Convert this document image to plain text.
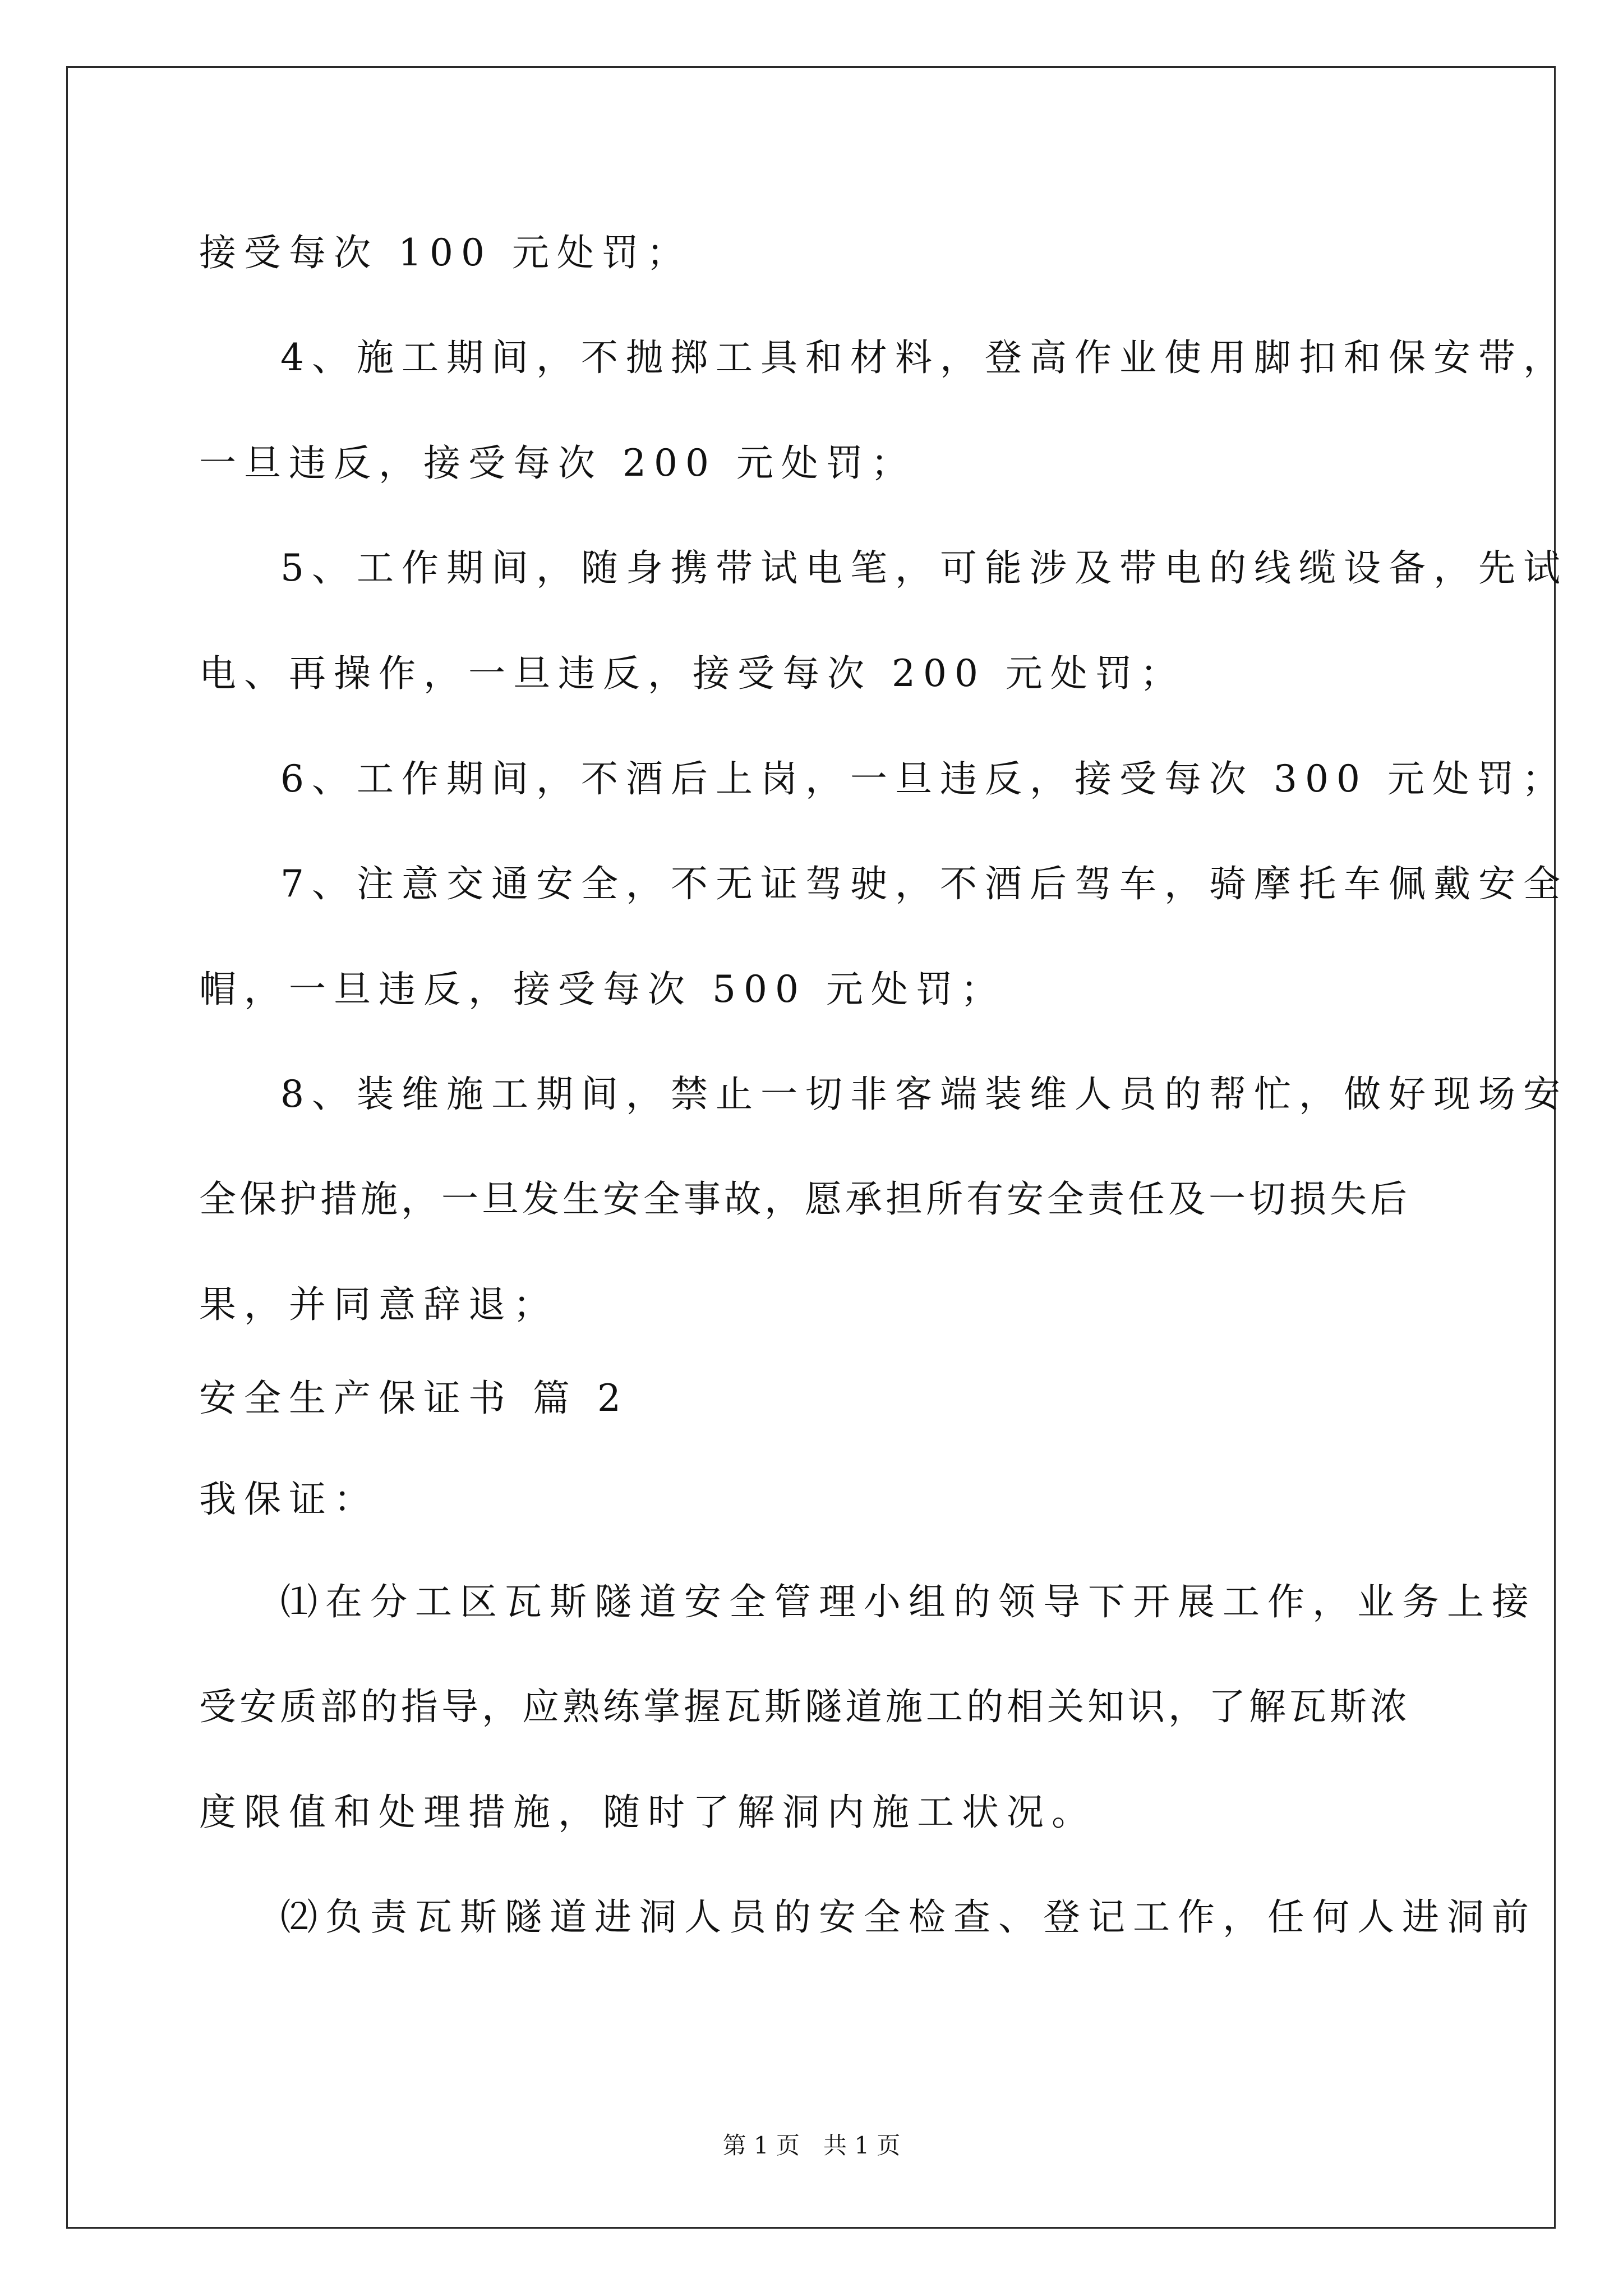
接受每次 100 元处罚；

4、施工期间，不抛掷工具和材料，登高作业使用脚扣和保安带，

一旦违反，接受每次 200 元处罚；

5、工作期间，随身携带试电笔，可能涉及带电的线缆设备，先试

电、再操作，一旦违反，接受每次 200 元处罚；

6、工作期间，不酒后上岗，一旦违反，接受每次 300 元处罚；

7、注意交通安全，不无证驾驶，不酒后驾车，骑摩托车佩戴安全

帽，一旦违反，接受每次 500 元处罚；

8、装维施工期间，禁止一切非客端装维人员的帮忙，做好现场安

全保护措施，一旦发生安全事故，愿承担所有安全责任及一切损失后

果，并同意辞退；

安全生产保证书 篇 2

我保证：

⑴在分工区瓦斯隧道安全管理小组的领导下开展工作，业务上接

受安质部的指导，应熟练掌握瓦斯隧道施工的相关知识，了解瓦斯浓

度限值和处理措施，随时了解洞内施工状况。

⑵负责瓦斯隧道进洞人员的安全检查、登记工作，任何人进洞前

第 1 页　共 1 页
